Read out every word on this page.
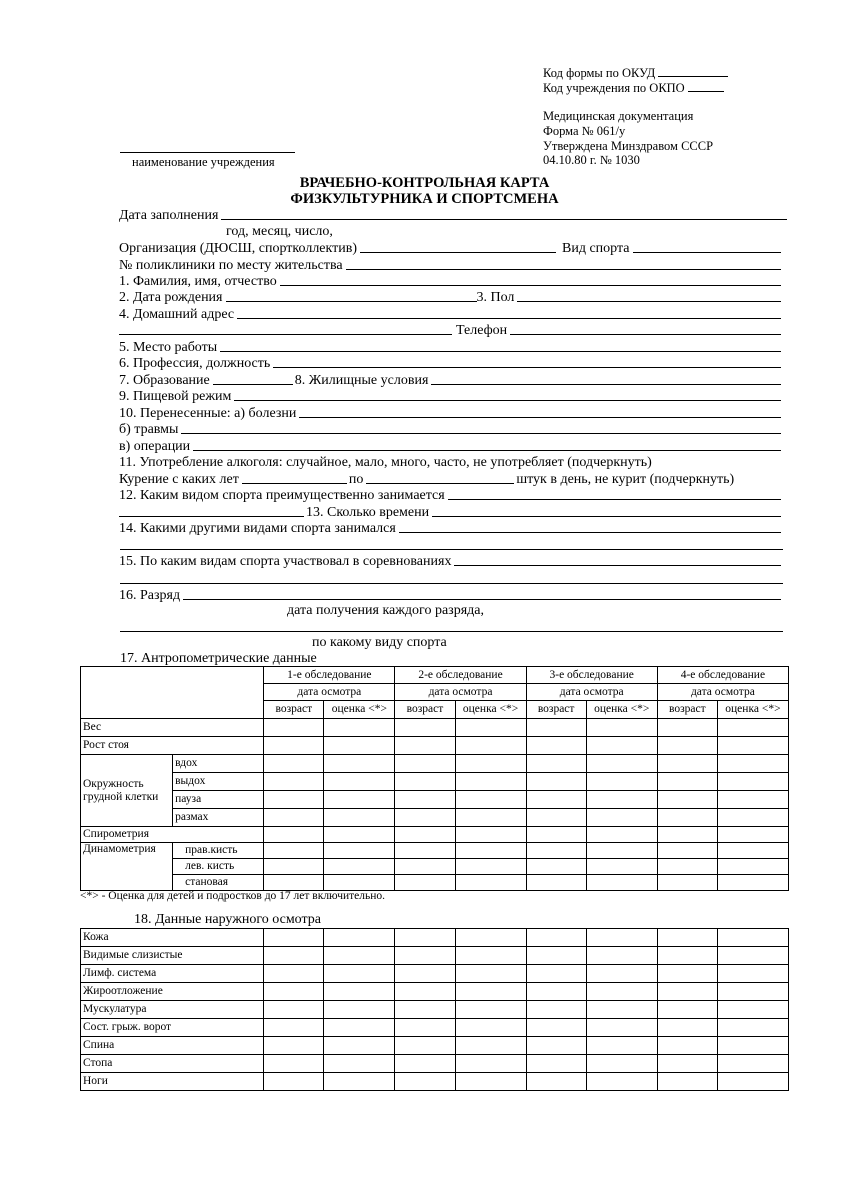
Код формы по ОКУД
Код учреждения по ОКПО
Медицинская документация
Форма № 061/у
Утверждена Минздравом СССР
04.10.80 г. № 1030
наименование учреждения
ВРАЧЕБНО-КОНТРОЛЬНАЯ КАРТА
ФИЗКУЛЬТУРНИКА И СПОРТСМЕНА
Дата заполнения
год, месяц, число,
Организация (ДЮСШ, спортколлектив)	Вид спорта
№ поликлиники по месту жительства
1. Фамилия, имя, отчество
2. Дата рождения	3. Пол
4. Домашний адрес
Телефон
5. Место работы
6. Профессия, должность
7. Образование	8. Жилищные условия
9. Пищевой режим
10. Перенесенные: а) болезни
б) травмы
в) операции
11. Употребление алкоголя: случайное, мало, много, часто, не употребляет (подчеркнуть)
Курение с каких лет	по	штук в день, не курит (подчеркнуть)
12. Каким видом спорта преимущественно занимается
13. Сколько времени
14. Какими другими видами спорта занимался
15. По каким видам спорта участвовал в соревнованиях
16. Разряд
дата получения каждого разряда,
по какому виду спорта
17. Антропометрические данные
		1-е обследование		2-е обследование		3-е обследование		4-е обследование	
		дата осмотра		дата осмотра		дата осмотра		дата осмотра	
		возраст	оценка <*>	возраст	оценка <*>	возраст	оценка <*>	возраст	оценка <*>
Вес									
Рост стоя									
Окружность грудной клетки	вдох								
	выдох								
	пауза								
	размах								
Спирометрия									
Динамометрия	прав.кисть								
	лев. кисть								
	становая								
<*> - Оценка для детей и подростков до 17 лет включительно.
18. Данные наружного осмотра
Кожа								
Видимые слизистые								
Лимф. система								
Жироотложение								
Мускулатура								
Сост. грыж. ворот								
Спина								
Стопа								
Ноги								
